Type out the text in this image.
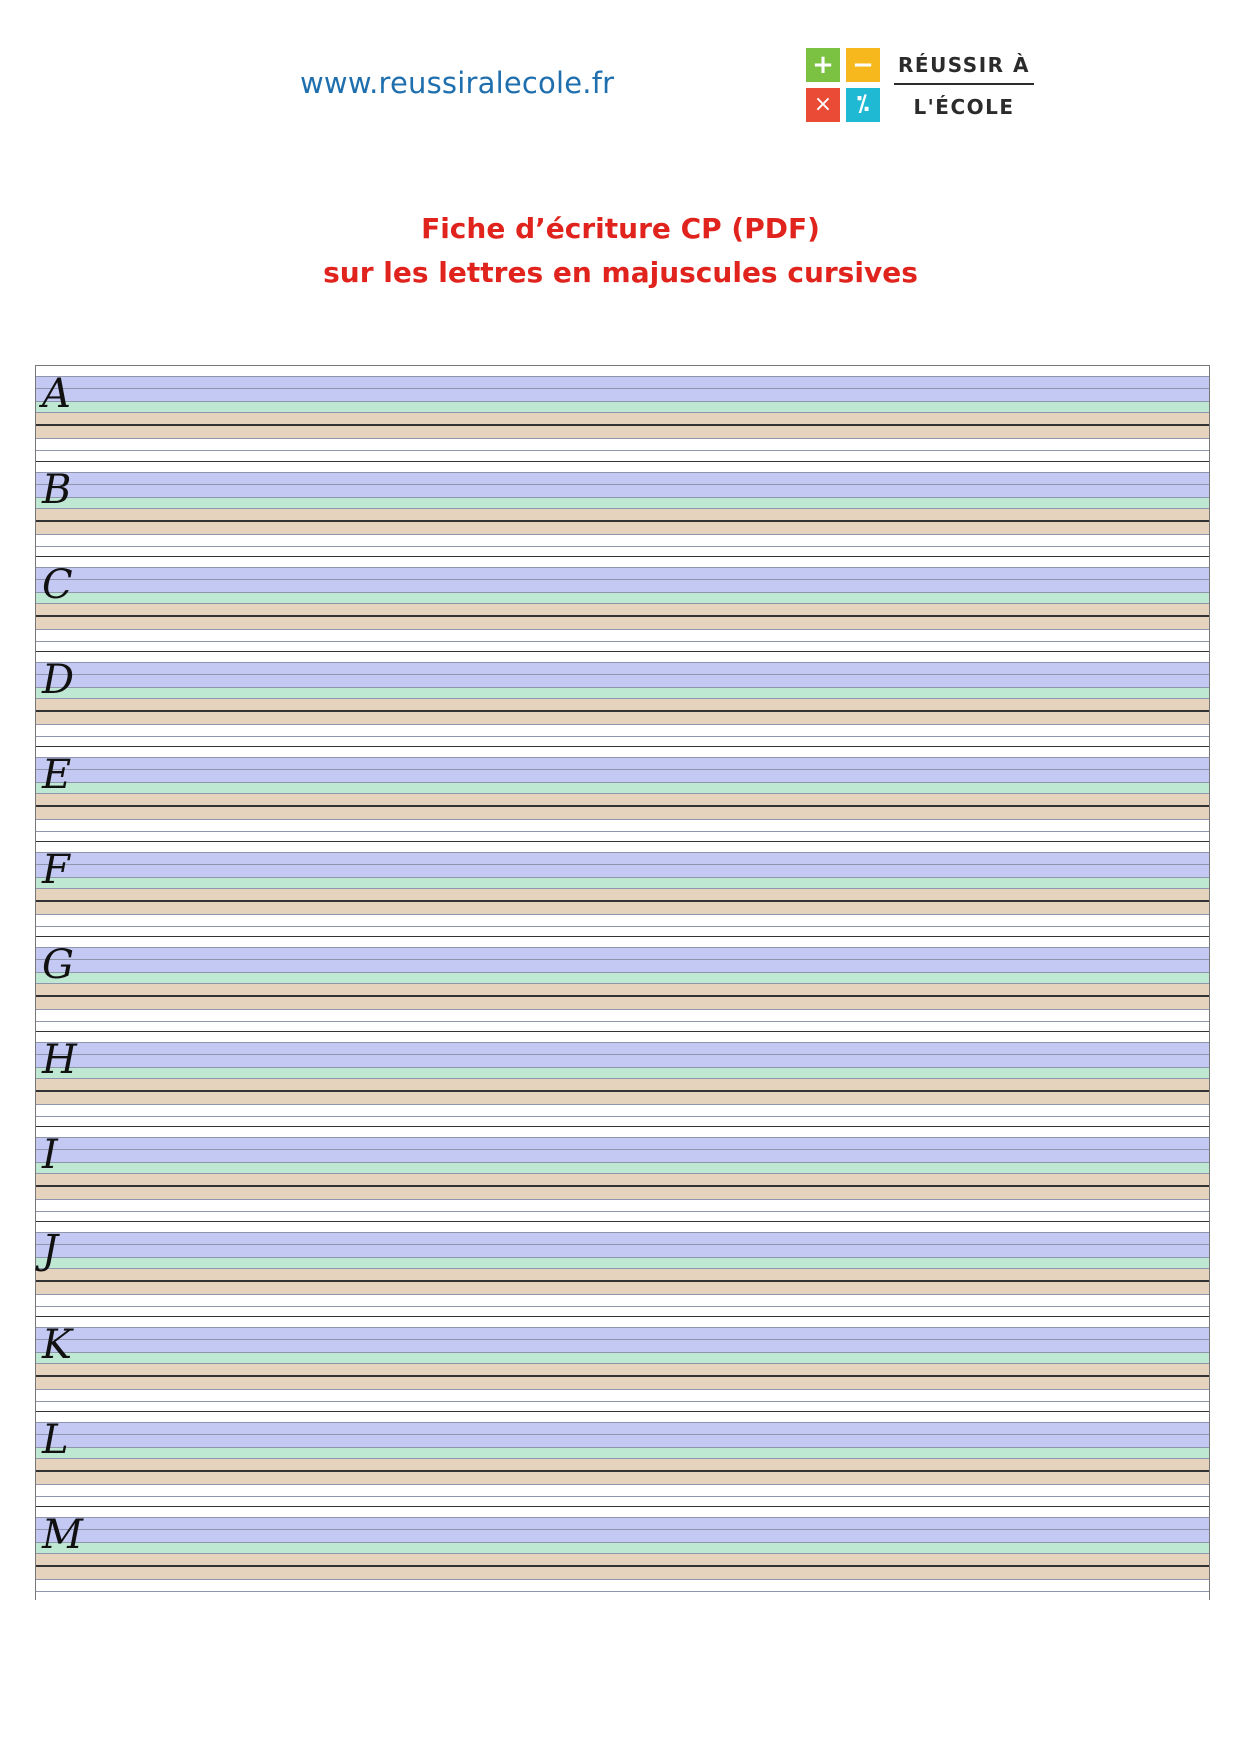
www.reussiralecole.fr
+ −
×	⁒
RÉUSSIR À
L'ÉCOLE
Fiche d’écriture CP (PDF)
sur les lettres en majuscules cursives
A
B
C
D
E
F
G
H
I
J
K
L
M
